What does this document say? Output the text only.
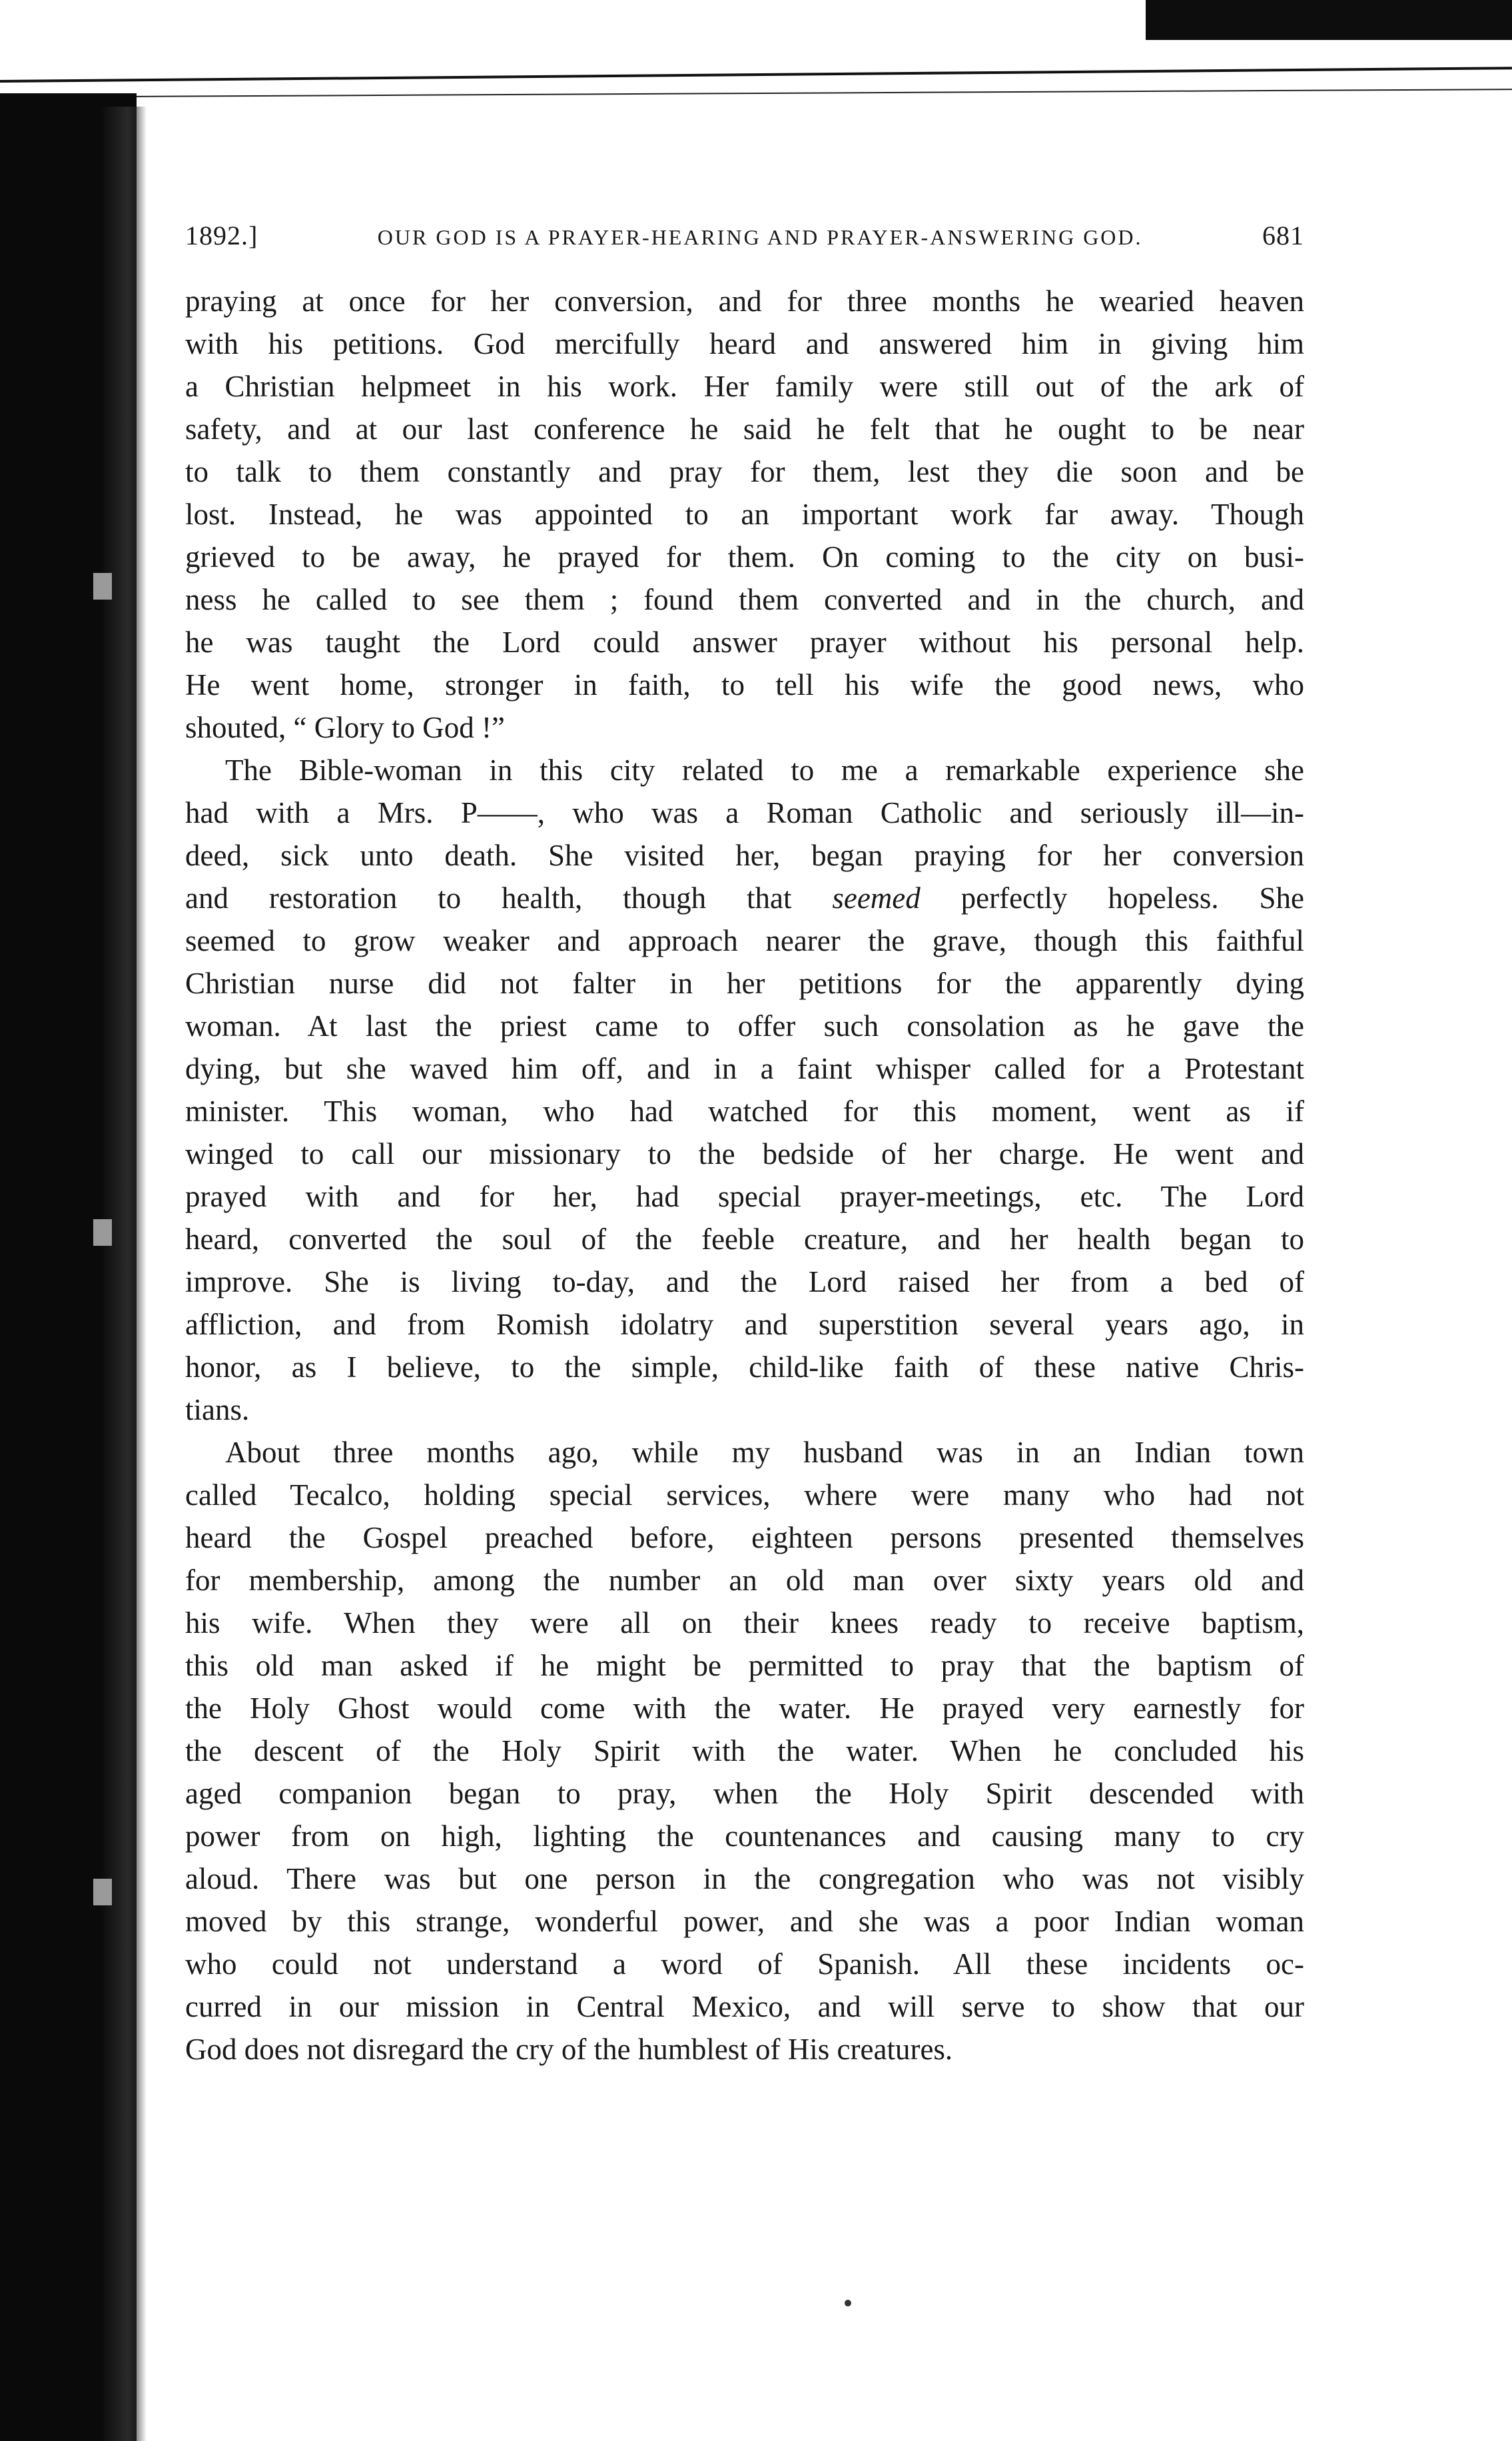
1892.]	OUR GOD IS A PRAYER-HEARING AND PRAYER-ANSWERING GOD.	681
praying at once for her conversion, and for three months he wearied heaven
with his petitions. God mercifully heard and answered him in giving him
a Christian helpmeet in his work. Her family were still out of the ark of
safety, and at our last conference he said he felt that he ought to be near
to talk to them constantly and pray for them, lest they die soon and be
lost. Instead, he was appointed to an important work far away. Though
grieved to be away, he prayed for them. On coming to the city on busi-
ness he called to see them ; found them converted and in the church, and
he was taught the Lord could answer prayer without his personal help.
He went home, stronger in faith, to tell his wife the good news, who
shouted, “ Glory to God !”
The Bible-woman in this city related to me a remarkable experience she
had with a Mrs. P——, who was a Roman Catholic and seriously ill—in-
deed, sick unto death. She visited her, began praying for her conversion
and restoration to health, though that seemed perfectly hopeless. She
seemed to grow weaker and approach nearer the grave, though this faithful
Christian nurse did not falter in her petitions for the apparently dying
woman. At last the priest came to offer such consolation as he gave the
dying, but she waved him off, and in a faint whisper called for a Protestant
minister. This woman, who had watched for this moment, went as if
winged to call our missionary to the bedside of her charge. He went and
prayed with and for her, had special prayer-meetings, etc. The Lord
heard, converted the soul of the feeble creature, and her health began to
improve. She is living to-day, and the Lord raised her from a bed of
affliction, and from Romish idolatry and superstition several years ago, in
honor, as I believe, to the simple, child-like faith of these native Chris-
tians.
About three months ago, while my husband was in an Indian town
called Tecalco, holding special services, where were many who had not
heard the Gospel preached before, eighteen persons presented themselves
for membership, among the number an old man over sixty years old and
his wife. When they were all on their knees ready to receive baptism,
this old man asked if he might be permitted to pray that the baptism of
the Holy Ghost would come with the water. He prayed very earnestly for
the descent of the Holy Spirit with the water. When he concluded his
aged companion began to pray, when the Holy Spirit descended with
power from on high, lighting the countenances and causing many to cry
aloud. There was but one person in the congregation who was not visibly
moved by this strange, wonderful power, and she was a poor Indian woman
who could not understand a word of Spanish. All these incidents oc-
curred in our mission in Central Mexico, and will serve to show that our
God does not disregard the cry of the humblest of His creatures.
